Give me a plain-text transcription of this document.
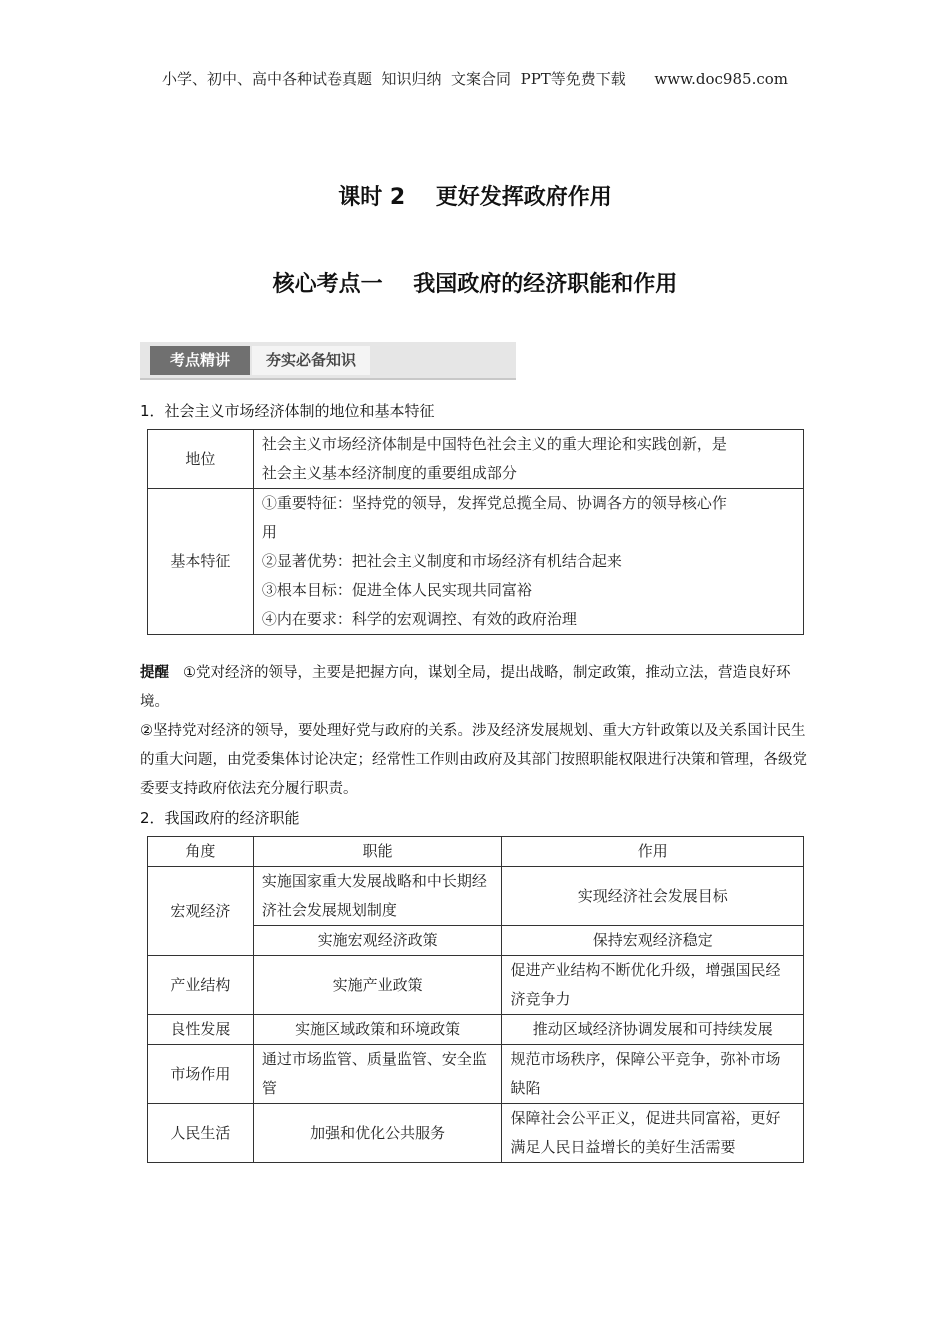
小学、初中、高中各种试卷真题  知识归纳  文案合同  PPT等免费下载      www.doc985.com
课时 2    更好发挥政府作用
核心考点一    我国政府的经济职能和作用
考点精讲	夯实必备知识
1．社会主义市场经济体制的地位和基本特征
地位	社会主义市场经济体制是中国特色社会主义的重大理论和实践创新，是
社会主义基本经济制度的重要组成部分

基本特征	①重要特征：坚持党的领导，发挥党总揽全局、协调各方的领导核心作
用
②显著优势：把社会主义制度和市场经济有机结合起来
③根本目标：促进全体人民实现共同富裕
④内在要求：科学的宏观调控、有效的政府治理

提醒 ①党对经济的领导，主要是把握方向，谋划全局，提出战略，制定政策，推动立法，营造良好环境。

②坚持党对经济的领导，要处理好党与政府的关系。涉及经济发展规划、重大方针政策以及关系国计民生的重大问题，由党委集体讨论决定；经常性工作则由政府及其部门按照职能权限进行决策和管理，各级党委要支持政府依法充分履行职责。

2．我国政府的经济职能
角度	职能	作用
宏观经济	实施国家重大发展战略和中长期经济社会发展规划制度	实现经济社会发展目标
	实施宏观经济政策	保持宏观经济稳定
产业结构	实施产业政策	促进产业结构不断优化升级，增强国民经济竞争力
良性发展	实施区域政策和环境政策	推动区域经济协调发展和可持续发展
市场作用	通过市场监管、质量监管、安全监管	规范市场秩序，保障公平竞争，弥补市场缺陷
人民生活	加强和优化公共服务	保障社会公平正义，促进共同富裕，更好满足人民日益增长的美好生活需要
